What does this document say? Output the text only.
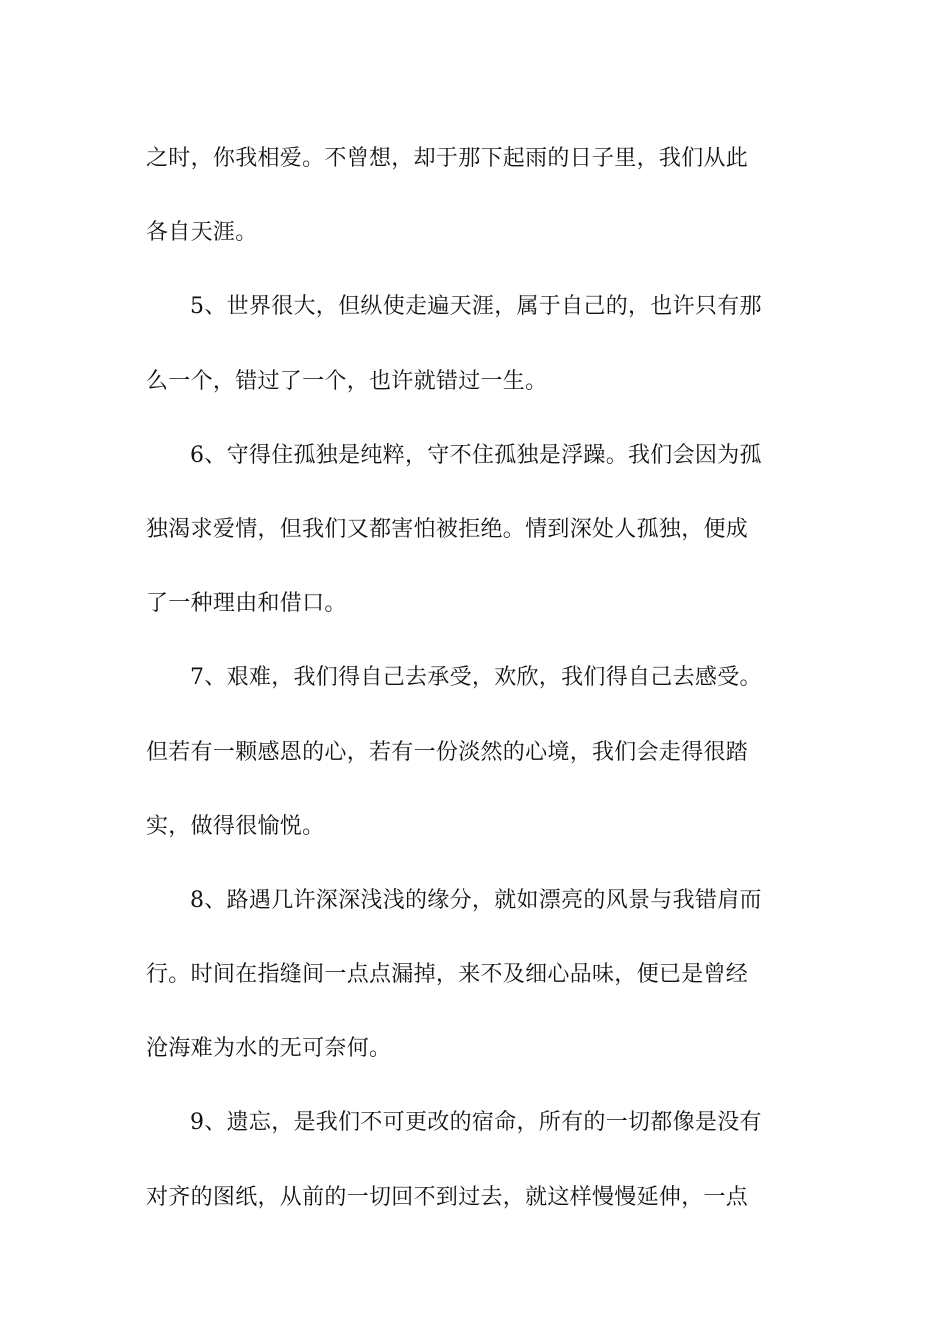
之时，你我相爱。不曾想，却于那下起雨的日子里，我们从此
各自天涯。
5、世界很大，但纵使走遍天涯，属于自己的，也许只有那
么一个，错过了一个，也许就错过一生。
6、守得住孤独是纯粹，守不住孤独是浮躁。我们会因为孤
独渴求爱情，但我们又都害怕被拒绝。情到深处人孤独，便成
了一种理由和借口。
7、艰难，我们得自己去承受，欢欣，我们得自己去感受。
但若有一颗感恩的心，若有一份淡然的心境，我们会走得很踏
实，做得很愉悦。
8、路遇几许深深浅浅的缘分，就如漂亮的风景与我错肩而
行。时间在指缝间一点点漏掉，来不及细心品味，便已是曾经
沧海难为水的无可奈何。
9、遗忘，是我们不可更改的宿命，所有的一切都像是没有
对齐的图纸，从前的一切回不到过去，就这样慢慢延伸，一点
